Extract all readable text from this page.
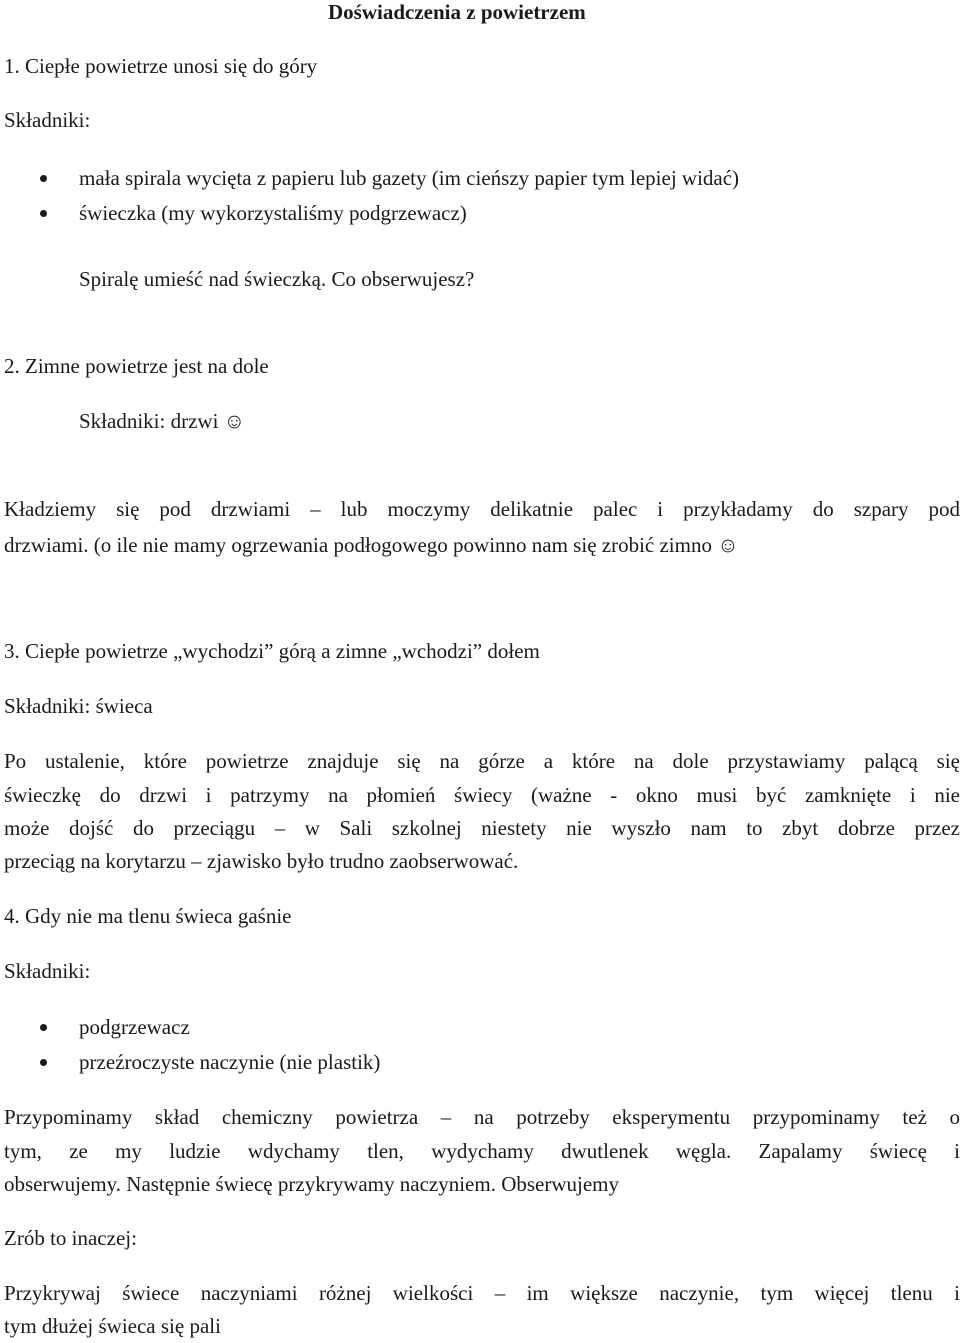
Doświadczenia z powietrzem
1. Ciepłe powietrze unosi się do góry
Składniki:
mała spirala wycięta z papieru lub gazety (im cieńszy papier tym lepiej widać)
świeczka (my wykorzystaliśmy podgrzewacz)
Spiralę umieść nad świeczką. Co obserwujesz?
2. Zimne powietrze jest na dole
Składniki: drzwi ☺
Kładziemy się pod drzwiami – lub moczymy delikatnie palec i przykładamy do szpary pod
drzwiami. (o ile nie mamy ogrzewania podłogowego powinno nam się zrobić zimno ☺
3. Ciepłe powietrze „wychodzi” górą a zimne „wchodzi” dołem
Składniki: świeca
Po ustalenie, które powietrze znajduje się na górze a które na dole przystawiamy palącą się
świeczkę do drzwi i patrzymy na płomień świecy (ważne - okno musi być zamknięte i nie
może dojść do przeciągu – w Sali szkolnej niestety nie wyszło nam to zbyt dobrze przez
przeciąg na korytarzu – zjawisko było trudno zaobserwować.
4. Gdy nie ma tlenu świeca gaśnie
Składniki:
podgrzewacz
przeźroczyste naczynie (nie plastik)
Przypominamy skład chemiczny powietrza – na potrzeby eksperymentu przypominamy też o
tym, ze my ludzie wdychamy tlen, wydychamy dwutlenek węgla. Zapalamy świecę i
obserwujemy. Następnie świecę przykrywamy naczyniem. Obserwujemy
Zrób to inaczej:
Przykrywaj świece naczyniami różnej wielkości – im większe naczynie, tym więcej tlenu i
tym dłużej świeca się pali
